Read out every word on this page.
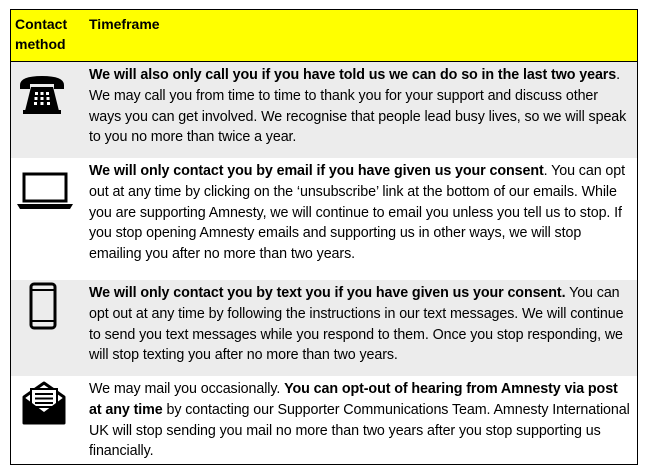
Contact method
Timeframe
We will also only call you if you have told us we can do so in the last two years. We may call you from time to time to thank you for your support and discuss other ways you can get involved. We recognise that people lead busy lives, so we will speak to you no more than twice a year.
We will only contact you by email if you have given us your consent. You can opt out at any time by clicking on the ‘unsubscribe’ link at the bottom of our emails. While you are supporting Amnesty, we will continue to email you unless you tell us to stop. If you stop opening Amnesty emails and supporting us in other ways, we will stop emailing you after no more than two years.
We will only contact you by text you if you have given us your consent. You can opt out at any time by following the instructions in our text messages. We will continue to send you text messages while you respond to them. Once you stop responding, we will stop texting you after no more than two years.
We may mail you occasionally. You can opt-out of hearing from Amnesty via post at any time by contacting our Supporter Communications Team. Amnesty International UK will stop sending you mail no more than two years after you stop supporting us financially.
